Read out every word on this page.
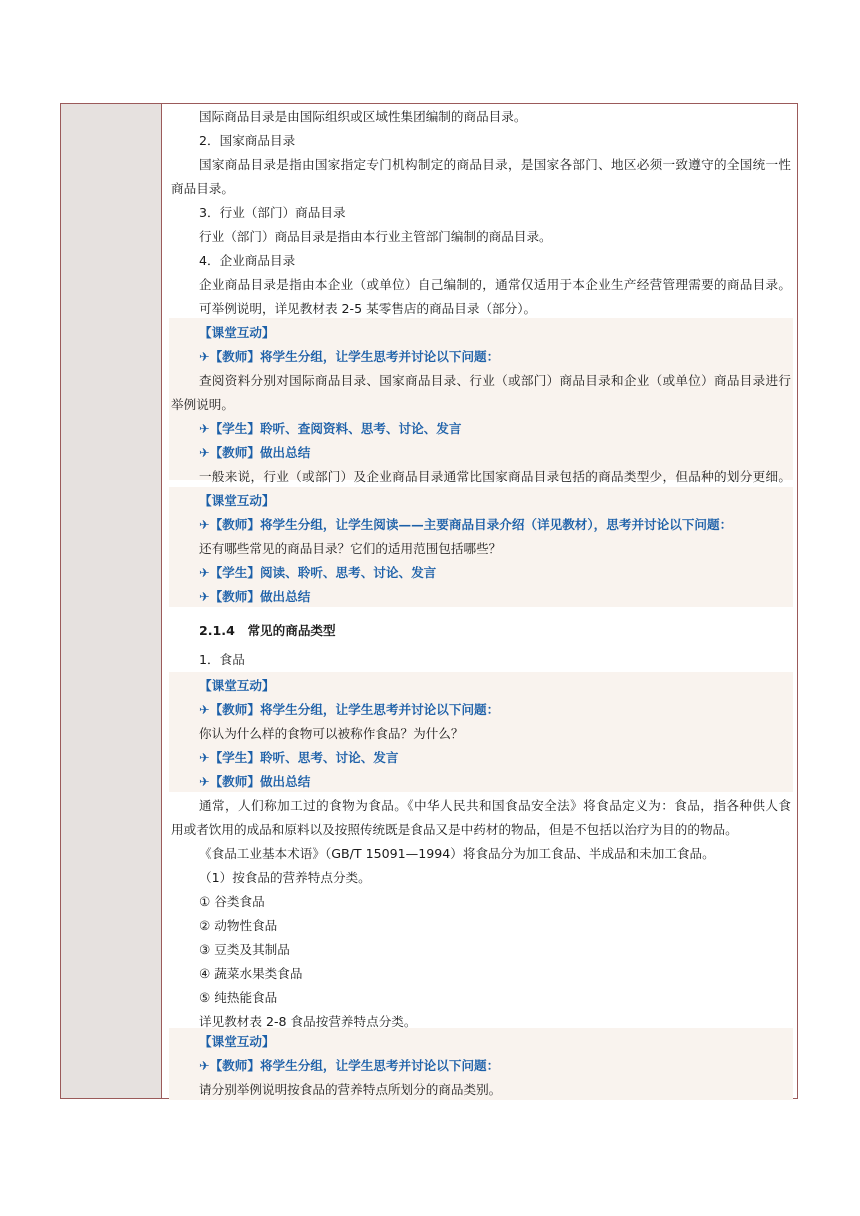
国际商品目录是由国际组织或区域性集团编制的商品目录。
2．国家商品目录
国家商品目录是指由国家指定专门机构制定的商品目录，是国家各部门、地区必须一致遵守的全国统一性
商品目录。
3．行业（部门）商品目录
行业（部门）商品目录是指由本行业主管部门编制的商品目录。
4．企业商品目录
企业商品目录是指由本企业（或单位）自己编制的，通常仅适用于本企业生产经营管理需要的商品目录。
可举例说明，详见教材表 2-5 某零售店的商品目录（部分）。
【课堂互动】
✈【教师】将学生分组，让学生思考并讨论以下问题：
查阅资料分别对国际商品目录、国家商品目录、行业（或部门）商品目录和企业（或单位）商品目录进行
举例说明。
✈【学生】聆听、查阅资料、思考、讨论、发言
✈【教师】做出总结
一般来说，行业（或部门）及企业商品目录通常比国家商品目录包括的商品类型少，但品种的划分更细。
【课堂互动】
✈【教师】将学生分组，让学生阅读——主要商品目录介绍（详见教材），思考并讨论以下问题：
还有哪些常见的商品目录？它们的适用范围包括哪些？
✈【学生】阅读、聆听、思考、讨论、发言
✈【教师】做出总结
2.1.4　常见的商品类型
1．食品
【课堂互动】
✈【教师】将学生分组，让学生思考并讨论以下问题：
你认为什么样的食物可以被称作食品？为什么？
✈【学生】聆听、思考、讨论、发言
✈【教师】做出总结
通常，人们称加工过的食物为食品。《中华人民共和国食品安全法》将食品定义为：食品，指各种供人食
用或者饮用的成品和原料以及按照传统既是食品又是中药材的物品，但是不包括以治疗为目的的物品。
《食品工业基本术语》（GB/T 15091—1994）将食品分为加工食品、半成品和未加工食品。
（1）按食品的营养特点分类。
① 谷类食品
② 动物性食品
③ 豆类及其制品
④ 蔬菜水果类食品
⑤ 纯热能食品
详见教材表 2-8 食品按营养特点分类。
【课堂互动】
✈【教师】将学生分组，让学生思考并讨论以下问题：
请分别举例说明按食品的营养特点所划分的商品类别。
